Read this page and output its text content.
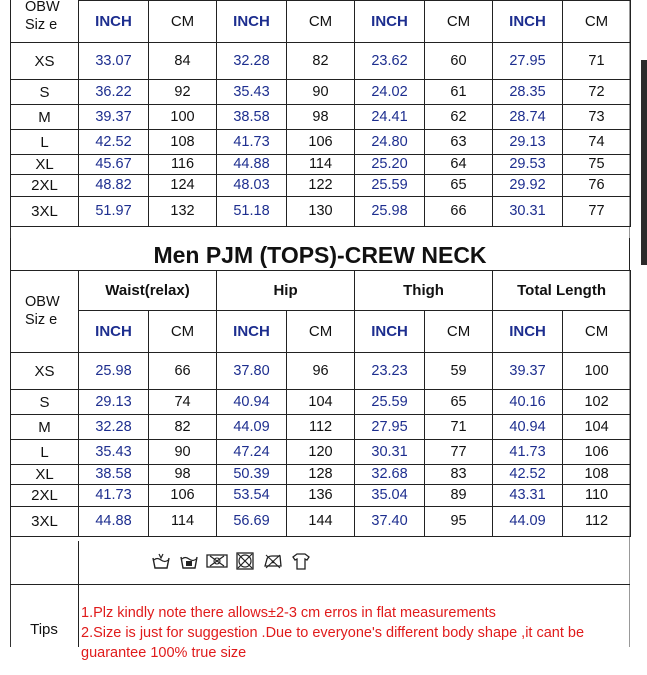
OBW
Siz e								

	INCH	CM	INCH	CM	INCH	CM	INCH	CM
XS	33.07	84	32.28	82	23.62	60	27.95	71
S	36.22	92	35.43	90	24.02	61	28.35	72
M	39.37	100	38.58	98	24.41	62	28.74	73
L	42.52	108	41.73	106	24.80	63	29.13	74
XL	45.67	116	44.88	114	25.20	64	29.53	75
2XL	48.82	124	48.03	122	25.59	65	29.92	76
3XL	51.97	132	51.18	130	25.98	66	30.31	77
Men PJM (TOPS)-CREW NECK
OBW
Siz e	Waist(relax)		Hip		Thigh		Total Length	
	INCH	CM	INCH	CM	INCH	CM	INCH	CM
XS	25.98	66	37.80	96	23.23	59	39.37	100
S	29.13	74	40.94	104	25.59	65	40.16	102
M	32.28	82	44.09	112	27.95	71	40.94	104
L	35.43	90	47.24	120	30.31	77	41.73	106
XL	38.58	98	50.39	128	32.68	83	42.52	108
2XL	41.73	106	53.54	136	35.04	89	43.31	110
3XL	44.88	114	56.69	144	37.40	95	44.09	112
Tips
1.Plz kindly note there allows±2-3 cm erros in flat measurements
2.Size is just for suggestion .Due to everyone's different body shape ,it cant be
guarantee 100% true size
